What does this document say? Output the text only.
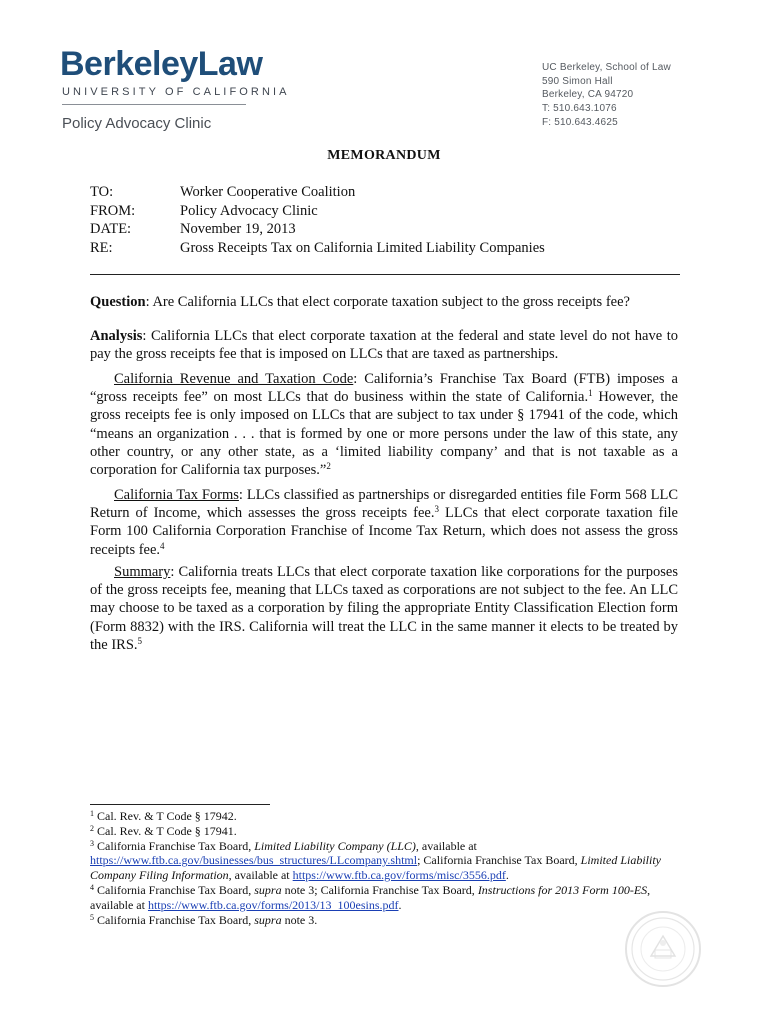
BerkeleyLaw
UNIVERSITY OF CALIFORNIA
Policy Advocacy Clinic
UC Berkeley, School of Law
590 Simon Hall
Berkeley, CA 94720
T: 510.643.1076
F: 510.643.4625
MEMORANDUM
TO:	Worker Cooperative Coalition
FROM:	Policy Advocacy Clinic
DATE:	November 19, 2013
RE:	Gross Receipts Tax on California Limited Liability Companies
Question: Are California LLCs that elect corporate taxation subject to the gross receipts fee?
Analysis: California LLCs that elect corporate taxation at the federal and state level do not have to pay the gross receipts fee that is imposed on LLCs that are taxed as partnerships.
California Revenue and Taxation Code: California’s Franchise Tax Board (FTB) imposes a “gross receipts fee” on most LLCs that do business within the state of California.$^1$ However, the gross receipts fee is only imposed on LLCs that are subject to tax under § 17941 of the code, which “means an organization . . . that is formed by one or more persons under the law of this state, any other country, or any other state, as a ‘limited liability company’ and that is not taxable as a corporation for California tax purposes.”$^2$
California Tax Forms: LLCs classified as partnerships or disregarded entities file Form 568 LLC Return of Income, which assesses the gross receipts fee.$^3$ LLCs that elect corporate taxation file Form 100 California Corporation Franchise of Income Tax Return, which does not assess the gross receipts fee.$^4$
Summary: California treats LLCs that elect corporate taxation like corporations for the purposes of the gross receipts fee, meaning that LLCs taxed as corporations are not subject to the fee. An LLC may choose to be taxed as a corporation by filing the appropriate Entity Classification Election form (Form 8832) with the IRS. California will treat the LLC in the same manner it elects to be treated by the IRS.$^5$

$^1$ Cal. Rev. & T Code § 17942.

$^2$ Cal. Rev. & T Code § 17941.

$^3$ California Franchise Tax Board, Limited Liability Company (LLC), available at
https://www.ftb.ca.gov/businesses/bus_structures/LLcompany.shtml; California Franchise Tax Board, Limited Liability Company Filing Information, available at https://www.ftb.ca.gov/forms/misc/3556.pdf.

$^4$ California Franchise Tax Board, supra note 3; California Franchise Tax Board, Instructions for 2013 Form 100-ES, available at https://www.ftb.ca.gov/forms/2013/13_100esins.pdf.

$^5$ California Franchise Tax Board, supra note 3.
